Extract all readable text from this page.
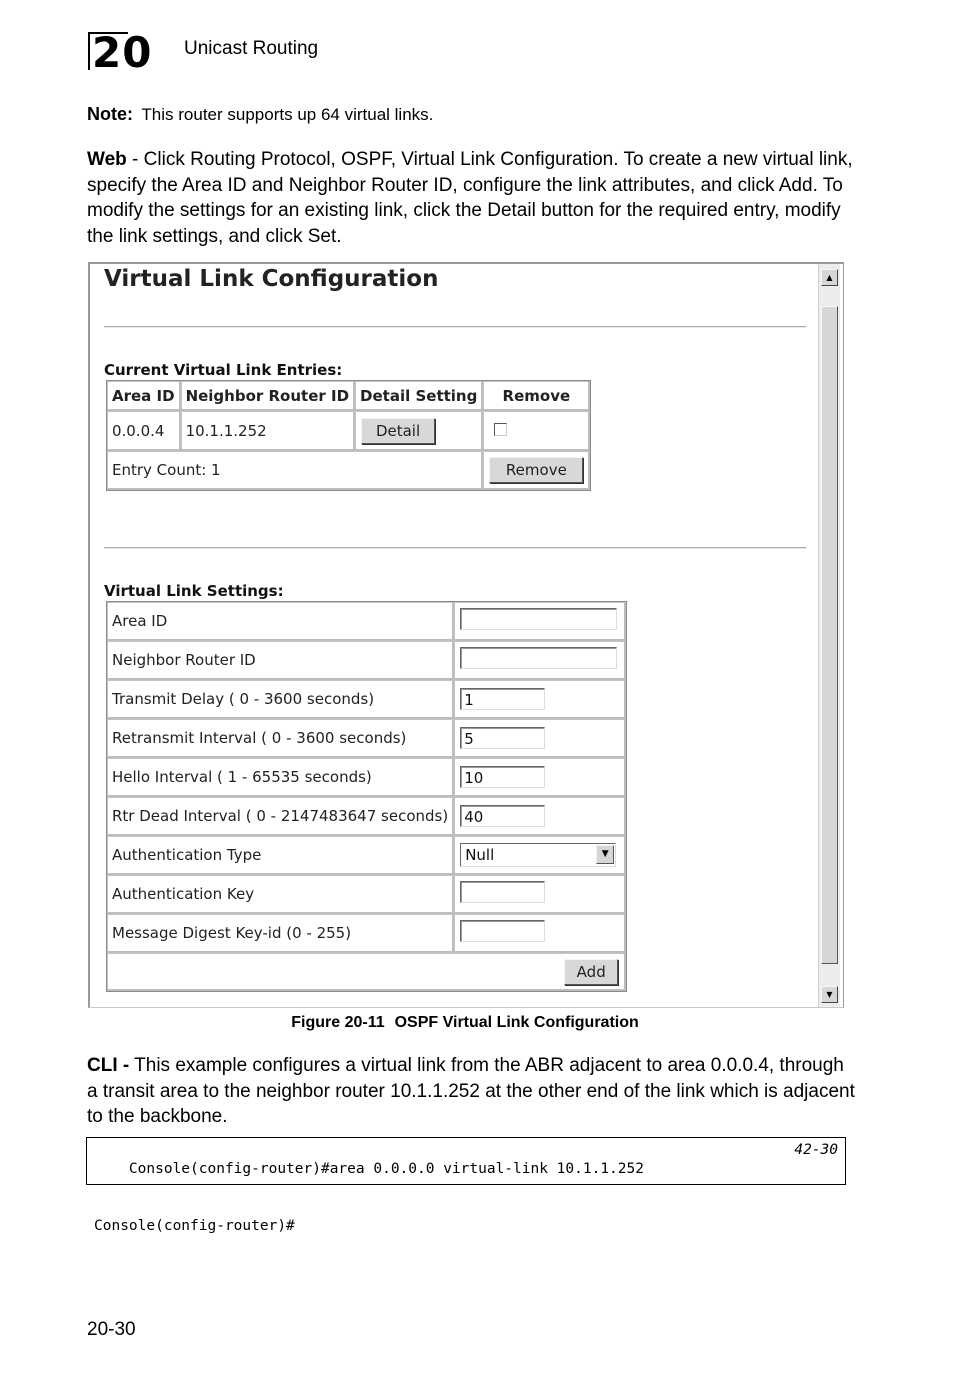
20 Unicast Routing
Note: This router supports up 64 virtual links.
Web - Click Routing Protocol, OSPF, Virtual Link Configuration. To create a new virtual link, specify the Area ID and Neighbor Router ID, configure the link attributes, and click Add. To modify the settings for an existing link, click the Detail button for the required entry, modify the link settings, and click Set.
Virtual Link Configuration
Current Virtual Link Entries:
Area ID	Neighbor Router ID	Detail Setting	Remove
0.0.0.4	10.1.1.252	Detail	
Entry Count: 1			Remove
Virtual Link Settings:
Area ID	
Neighbor Router ID	
Transmit Delay ( 0 - 3600 seconds)	1
Retransmit Interval ( 0 - 3600 seconds)	5
Hello Interval ( 1 - 65535 seconds)	10
Rtr Dead Interval ( 0 - 2147483647 seconds)	40
Authentication Type	Null ▼

Authentication Key	
Message Digest Key-id (0 - 255)	
Add	
▲
▼
Figure 20-11 OSPF Virtual Link Configuration
CLI - This example configures a virtual link from the ABR adjacent to area 0.0.0.4, through a transit area to the neighbor router 10.1.1.252 at the other end of the link which is adjacent to the backbone.

Console(config-router)#area 0.0.0.0 virtual-link 10.1.1.252

42-30

Console(config-router)#
20-30
